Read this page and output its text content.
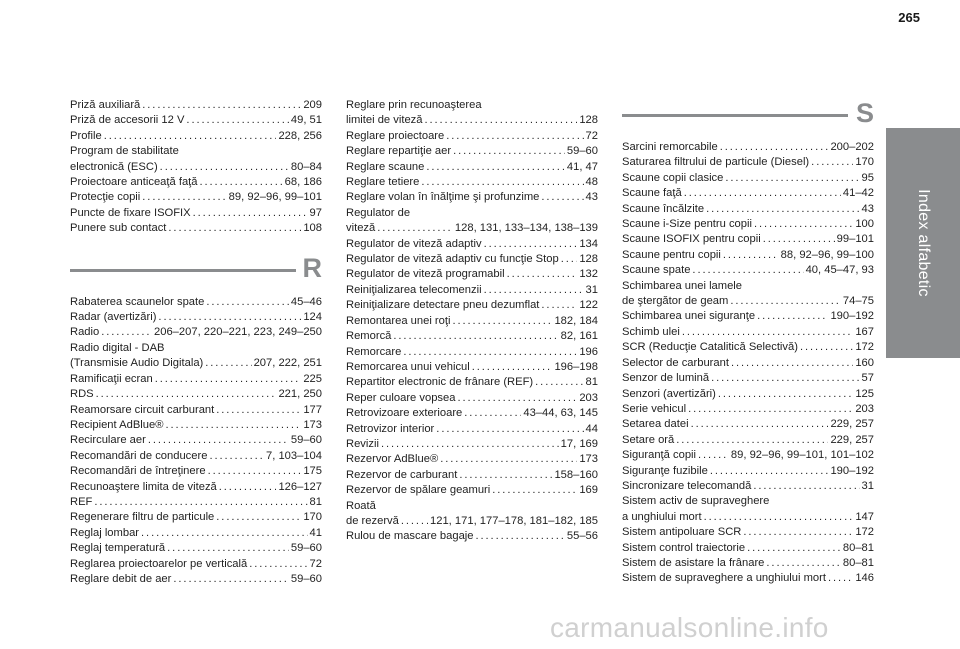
265
Index alfabetic
Priză auxiliară . . .	209
Priză de accesorii 12 V . . .	49, 51
Profile . . .	228, 256
Program de stabilitate
electronică (ESC) . . .	80–84
Proiectoare anticeaţă faţă . . .	68, 186
Protecţie copii . . .	89, 92–96, 99–101
Puncte de fixare ISOFIX . . .	97
Punere sub contact . . .	108
R
Rabaterea scaunelor spate . . .	45–46
Radar (avertizări) . . .	124
Radio . . .	206–207, 220–221, 223, 249–250
Radio digital - DAB
(Transmisie Audio Digitala) . . .	207, 222, 251
Ramificaţii ecran . . .	225
RDS . . .	221, 250
Reamorsare circuit carburant . . .	177
Recipient AdBlue® . . .	173
Recirculare aer . . .	59–60
Recomandări de conducere . . .	7, 103–104
Recomandări de întreţinere . . .	175
Recunoaştere limita de viteză . . .	126–127
REF . . .	81
Regenerare filtru de particule . . .	170
Reglaj lombar . . .	41
Reglaj temperatură . . .	59–60
Reglarea proiectoarelor pe verticală . . .	72
Reglare debit de aer . . .	59–60
Reglare prin recunoaşterea
limitei de viteză . . .	128
Reglare proiectoare . . .	72
Reglare repartiţie aer . . .	59–60
Reglare scaune . . .	41, 47
Reglare tetiere . . .	48
Reglare volan în înălţime şi profunzime . . .	43
Regulator de
viteză . . .	128, 131, 133–134, 138–139
Regulator de viteză adaptiv . . .	134
Regulator de viteză adaptiv cu funcţie Stop . . . 128
Regulator de viteză programabil . . .	132
Reiniţializarea telecomenzii . . .	31
Reiniţializare detectare pneu dezumflat . . .	122
Remontarea unei roţi . . .	182, 184
Remorcă . . .	82, 161
Remorcare . . .	196
Remorcarea unui vehicul . . .	196–198
Repartitor electronic de frânare (REF) . . .	81
Reper culoare vopsea . . .	203
Retrovizoare exterioare . . .	43–44, 63, 145
Retrovizor interior . . .	44
Revizii . . .	17, 169
Rezervor AdBlue® . . .	173
Rezervor de carburant . . .	158–160
Rezervor de spălare geamuri . . .	169
Roată
de rezervă . . .	121, 171, 177–178, 181–182, 185
Rulou de mascare bagaje . . .	55–56
S
Sarcini remorcabile . . .	200–202
Saturarea filtrului de particule (Diesel) . . .	170
Scaune copii clasice . . .	95
Scaune faţă . . .	41–42
Scaune încălzite . . .	43
Scaune i-Size pentru copii . . .	100
Scaune ISOFIX pentru copii . . .	99–101
Scaune pentru copii . . .	88, 92–96, 99–100
Scaune spate . . .	40, 45–47, 93
Schimbarea unei lamele
de ştergător de geam . . .	74–75
Schimbarea unei siguranţe . . .	190–192
Schimb ulei . . .	167
SCR (Reducţie Catalitică Selectivă) . . .	172
Selector de carburant . . .	160
Senzor de lumină . . .	57
Senzori (avertizări) . . .	125
Serie vehicul . . .	203
Setarea datei . . .	229, 257
Setare oră . . .	229, 257
Siguranţă copii . . .	89, 92–96, 99–101, 101–102
Siguranţe fuzibile . . .	190–192
Sincronizare telecomandă . . .	31
Sistem activ de supraveghere
a unghiului mort . . .	147
Sistem antipoluare SCR . . .	172
Sistem control traiectorie . . .	80–81
Sistem de asistare la frânare . . .	80–81
Sistem de supraveghere a unghiului mort . . .	146
carmanualsonline.info
